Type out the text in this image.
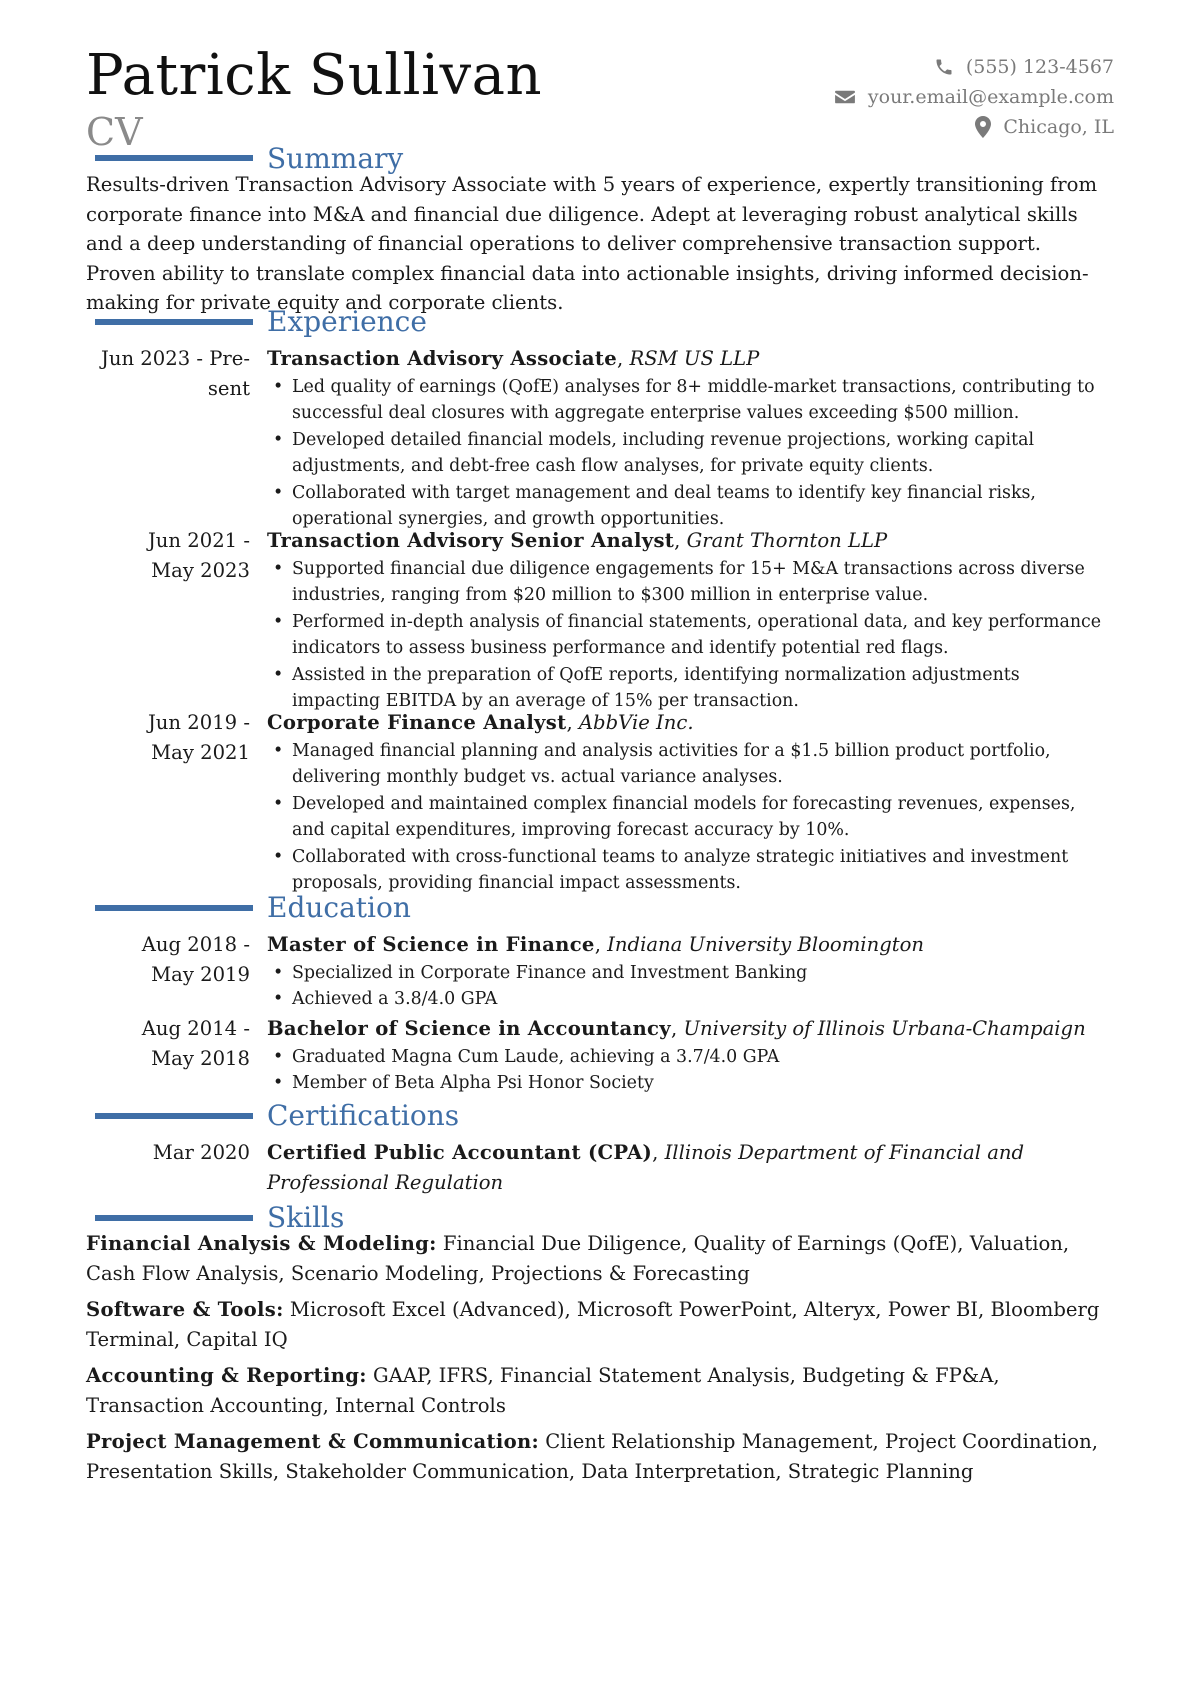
Patrick Sullivan
CV
(555) 123-4567
your.email@example.com
Chicago, IL
Summary
Results-driven Transaction Advisory Associate with 5 years of experience, expertly transitioning from corporate finance into M&A and financial due diligence. Adept at leveraging robust analytical skills and a deep understanding of financial operations to deliver comprehensive transaction support. Proven ability to translate complex financial data into actionable insights, driving informed decision-making for private equity and corporate clients.
Experience
Jun 2023 - Pre-
sent
Transaction Advisory Associate, RSM US LLP
• Led quality of earnings (QofE) analyses for 8+ middle-market transactions, contributing to successful deal closures with aggregate enterprise values exceeding $500 million.
• Developed detailed financial models, including revenue projections, working capital adjustments, and debt-free cash flow analyses, for private equity clients.
• Collaborated with target management and deal teams to identify key financial risks, operational synergies, and growth opportunities.
Jun 2021 -
May 2023
Transaction Advisory Senior Analyst, Grant Thornton LLP
• Supported financial due diligence engagements for 15+ M&A transactions across diverse industries, ranging from $20 million to $300 million in enterprise value.
• Performed in-depth analysis of financial statements, operational data, and key performance indicators to assess business performance and identify potential red flags.
• Assisted in the preparation of QofE reports, identifying normalization adjustments impacting EBITDA by an average of 15% per transaction.
Jun 2019 -
May 2021
Corporate Finance Analyst, AbbVie Inc.
• Managed financial planning and analysis activities for a $1.5 billion product portfolio, delivering monthly budget vs. actual variance analyses.
• Developed and maintained complex financial models for forecasting revenues, expenses, and capital expenditures, improving forecast accuracy by 10%.
• Collaborated with cross-functional teams to analyze strategic initiatives and investment proposals, providing financial impact assessments.
Education
Aug 2018 -
May 2019
Master of Science in Finance, Indiana University Bloomington
• Specialized in Corporate Finance and Investment Banking
• Achieved a 3.8/4.0 GPA
Aug 2014 -
May 2018
Bachelor of Science in Accountancy, University of Illinois Urbana-Champaign
• Graduated Magna Cum Laude, achieving a 3.7/4.0 GPA
• Member of Beta Alpha Psi Honor Society
Certifications
Mar 2020 Certified Public Accountant (CPA), Illinois Department of Financial and Professional Regulation
Skills
Financial Analysis & Modeling: Financial Due Diligence, Quality of Earnings (QofE), Valuation, Cash Flow Analysis, Scenario Modeling, Projections & Forecasting
Software & Tools: Microsoft Excel (Advanced), Microsoft PowerPoint, Alteryx, Power BI, Bloomberg Terminal, Capital IQ
Accounting & Reporting: GAAP, IFRS, Financial Statement Analysis, Budgeting & FP&A, Transaction Accounting, Internal Controls
Project Management & Communication: Client Relationship Management, Project Coordination, Presentation Skills, Stakeholder Communication, Data Interpretation, Strategic Planning
